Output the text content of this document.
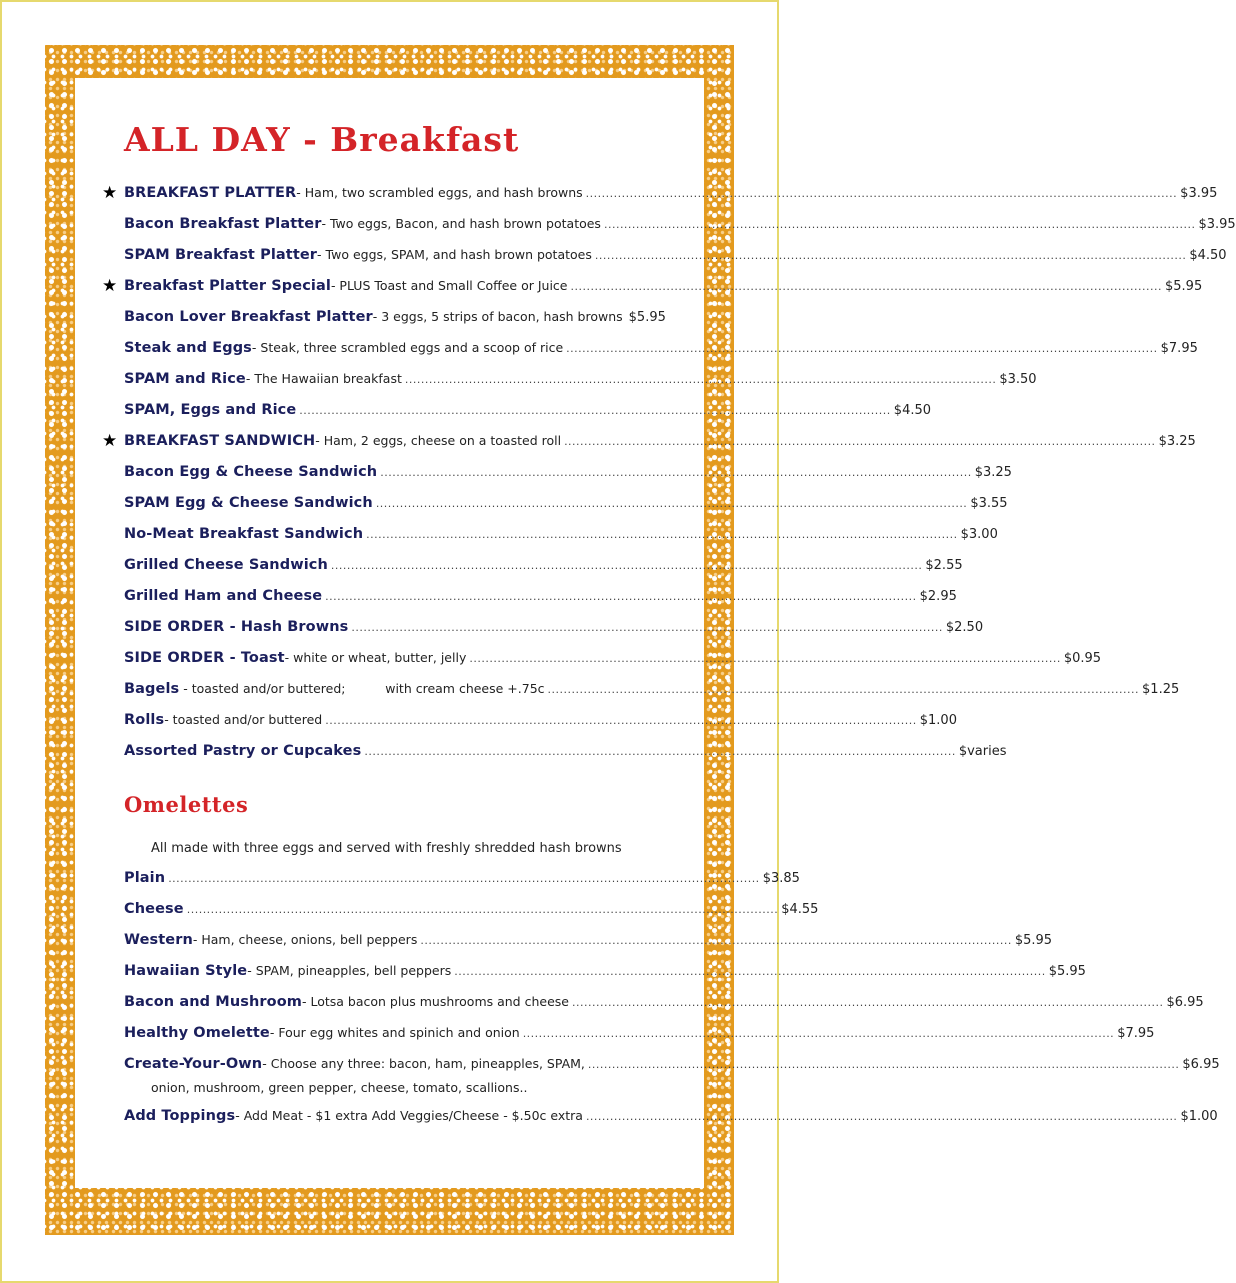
ALL DAY - Breakfast
★ BREAKFAST PLATTER - Ham, two scrambled eggs, and hash browns .................................................................................................................................................... $3.95
Bacon Breakfast Platter - Two eggs, Bacon, and hash brown potatoes .................................................................................................................................................... $3.95
SPAM Breakfast Platter - Two eggs, SPAM, and hash brown potatoes .................................................................................................................................................... $4.50
★ Breakfast Platter Special - PLUS Toast and Small Coffee or Juice .................................................................................................................................................... $5.95
Bacon Lover Breakfast Platter - 3 eggs, 5 strips of bacon, hash browns $5.95
Steak and Eggs - Steak, three scrambled eggs and a scoop of rice .................................................................................................................................................... $7.95
SPAM and Rice - The Hawaiian breakfast .................................................................................................................................................... $3.50
SPAM, Eggs and Rice .................................................................................................................................................... $4.50
★ BREAKFAST SANDWICH - Ham, 2 eggs, cheese on a toasted roll .................................................................................................................................................... $3.25
Bacon Egg & Cheese Sandwich .................................................................................................................................................... $3.25
SPAM Egg & Cheese Sandwich .................................................................................................................................................... $3.55
No-Meat Breakfast Sandwich .................................................................................................................................................... $3.00
Grilled Cheese Sandwich .................................................................................................................................................... $2.55
Grilled Ham and Cheese .................................................................................................................................................... $2.95
SIDE ORDER - Hash Browns .................................................................................................................................................... $2.50
SIDE ORDER - Toast - white or wheat, butter, jelly .................................................................................................................................................... $0.95
Bagels - toasted and/or buttered;          with cream cheese +.75c .................................................................................................................................................... $1.25
Rolls - toasted and/or buttered .................................................................................................................................................... $1.00
Assorted Pastry or Cupcakes .................................................................................................................................................... $varies
Omelettes
All made with three eggs and served with freshly shredded hash browns
Plain .................................................................................................................................................... $3.85
Cheese .................................................................................................................................................... $4.55
Western - Ham, cheese, onions, bell peppers .................................................................................................................................................... $5.95
Hawaiian Style - SPAM, pineapples, bell peppers .................................................................................................................................................... $5.95
Bacon and Mushroom - Lotsa bacon plus mushrooms and cheese .................................................................................................................................................... $6.95
Healthy Omelette - Four egg whites and spinich and onion .................................................................................................................................................... $7.95
Create-Your-Own - Choose any three: bacon, ham, pineapples, SPAM, .................................................................................................................................................... $6.95
onion, mushroom, green pepper, cheese, tomato, scallions..
Add Toppings - Add Meat - $1 extra Add Veggies/Cheese - $.50c extra .................................................................................................................................................... $1.00
